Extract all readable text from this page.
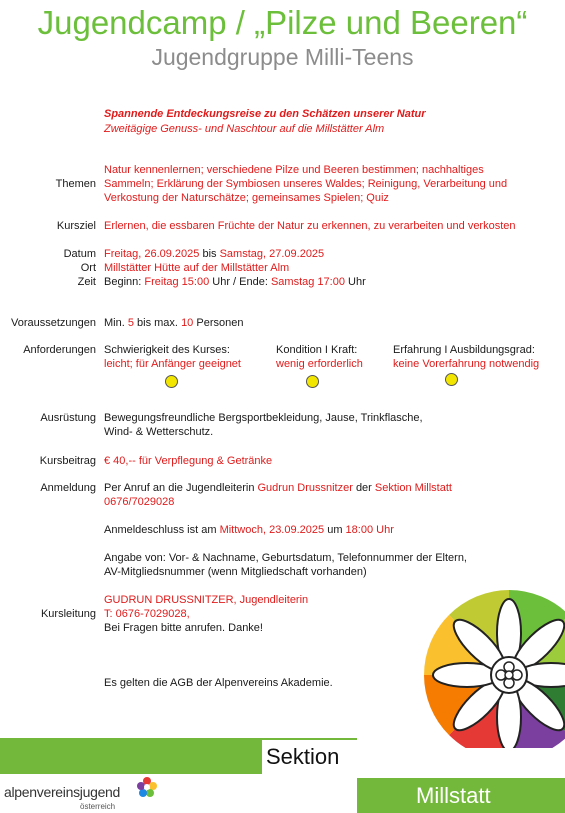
Jugendcamp / „Pilze und Beeren“
Jugendgruppe Milli-Teens
Spannende Entdeckungsreise zu den Schätzen unserer Natur
Zweitägige Genuss- und Naschtour auf die Millstätter Alm
Themen
Natur kennenlernen; verschiedene Pilze und Beeren bestimmen; nachhaltiges
Sammeln; Erklärung der Symbiosen unseres Waldes; Reinigung, Verarbeitung und
Verkostung der Naturschätze; gemeinsames Spielen; Quiz
Kursziel Erlernen, die essbaren Früchte der Natur zu erkennen, zu verarbeiten und verkosten
Datum Freitag, 26.09.2025 bis Samstag, 27.09.2025
Ort Millstätter Hütte auf der Millstätter Alm
Zeit Beginn: Freitag 15:00 Uhr / Ende: Samstag 17:00 Uhr
Voraussetzungen Min. 5 bis max. 10 Personen
Anforderungen Schwierigkeit des Kurses:
leicht; für Anfänger geeignet
Kondition I Kraft:
wenig erforderlich
Erfahrung I Ausbildungsgrad:
keine Vorerfahrung notwendig
Ausrüstung Bewegungsfreundliche Bergsportbekleidung, Jause, Trinkflasche,
Wind- & Wetterschutz.
Kursbeitrag € 40,-- für Verpflegung & Getränke
Anmeldung Per Anruf an die Jugendleiterin Gudrun Drussnitzer der Sektion Millstatt
0676/7029028
Anmeldeschluss ist am Mittwoch, 23.09.2025 um 18:00 Uhr
Angabe von: Vor- & Nachname, Geburtsdatum, Telefonnummer der Eltern,
AV-Mitgliedsnummer (wenn Mitgliedschaft vorhanden)
Kursleitung
GUDRUN DRUSSNITZER, Jugendleiterin
T: 0676-7029028,
Bei Fragen bitte anrufen. Danke!
Es gelten die AGB der Alpenvereins Akademie.
Sektion
Millstatt
alpenvereinsjugend
österreich
